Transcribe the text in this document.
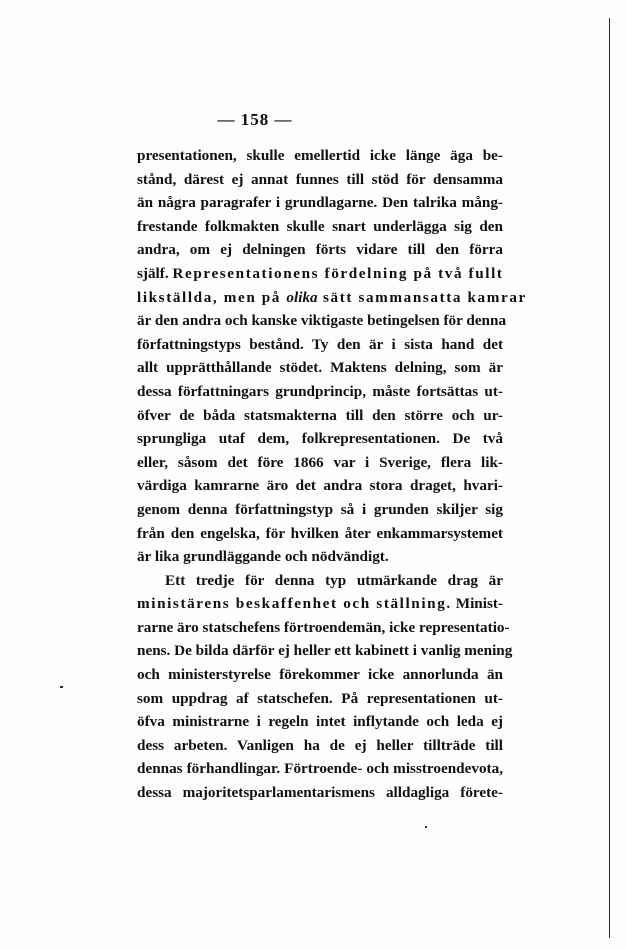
— 158 —
presentationen, skulle emellertid icke länge äga be-
stånd, därest ej annat funnes till stöd för densamma
än några paragrafer i grundlagarne. Den talrika mång-
frestande folkmakten skulle snart underlägga sig den
andra, om ej delningen förts vidare till den förra
själf. Representationens fördelning på två fullt
likställda, men på olika sätt sammansatta kamrar
är den andra och kanske viktigaste betingelsen för denna
författningstyps bestånd. Ty den är i sista hand det
allt upprätthållande stödet. Maktens delning, som är
dessa författningars grundprincip, måste fortsättas ut-
öfver de båda statsmakterna till den större och ur-
sprungliga utaf dem, folkrepresentationen. De två
eller, såsom det före 1866 var i Sverige, flera lik-
värdiga kamrarne äro det andra stora draget, hvari-
genom denna författningstyp så i grunden skiljer sig
från den engelska, för hvilken åter enkammarsystemet
är lika grundläggande och nödvändigt.
Ett tredje för denna typ utmärkande drag är
ministärens beskaffenhet och ställning. Minist-
rarne äro statschefens förtroendemän, icke representatio-
nens. De bilda därför ej heller ett kabinett i vanlig mening
och ministerstyrelse förekommer icke annorlunda än
som uppdrag af statschefen. På representationen ut-
öfva ministrarne i regeln intet inflytande och leda ej
dess arbeten. Vanligen ha de ej heller tillträde till
dennas förhandlingar. Förtroende- och misstroendevota,
dessa majoritetsparlamentarismens alldagliga förete-
